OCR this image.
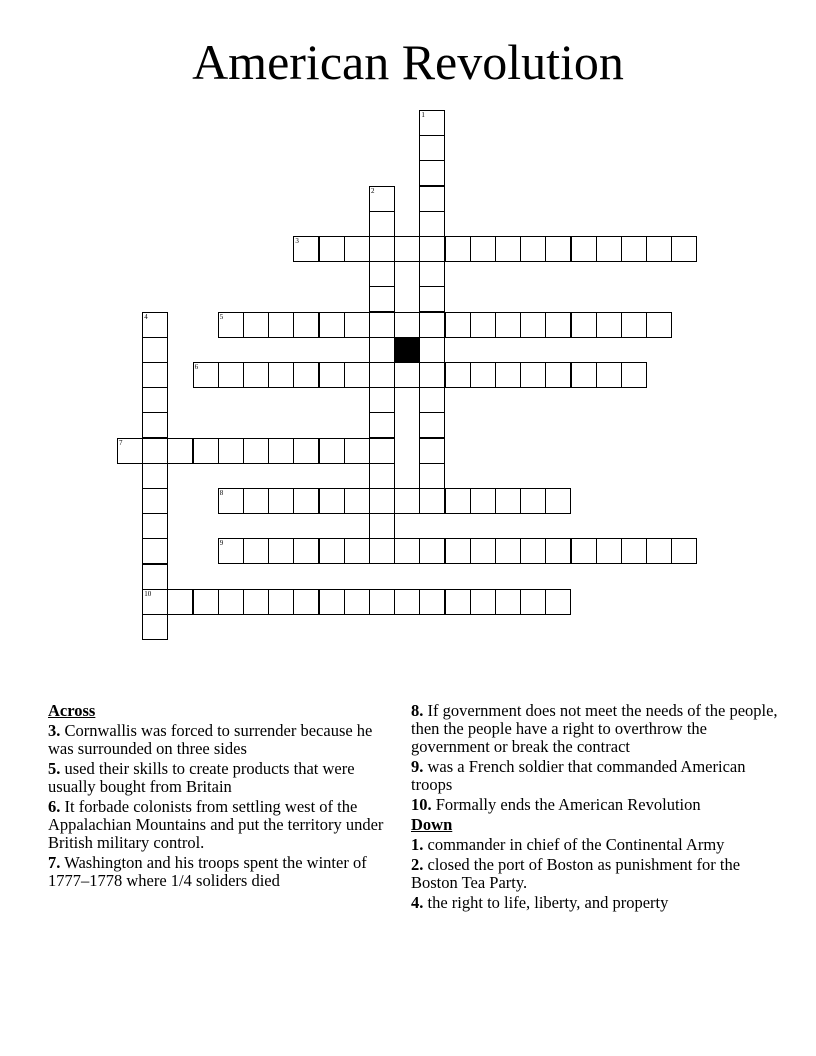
American Revolution
1
2
3
4
10
5
6
7
8
9
Across
3. Cornwallis was forced to surrender because he was surrounded on three sides
5. used their skills to create products that were usually bought from Britain
6. It forbade colonists from settling west of the Appalachian Mountains and put the territory under British military control.
7. Washington and his troops spent the winter of 1777–1778 where 1/4 soliders died
8. If government does not meet the needs of the people, then the people have a right to overthrow the government or break the contract
9. was a French soldier that commanded American troops
10. Formally ends the American Revolution
Down
1. commander in chief of the Continental Army
2. closed the port of Boston as punishment for the Boston Tea Party.
4. the right to life, liberty, and property
